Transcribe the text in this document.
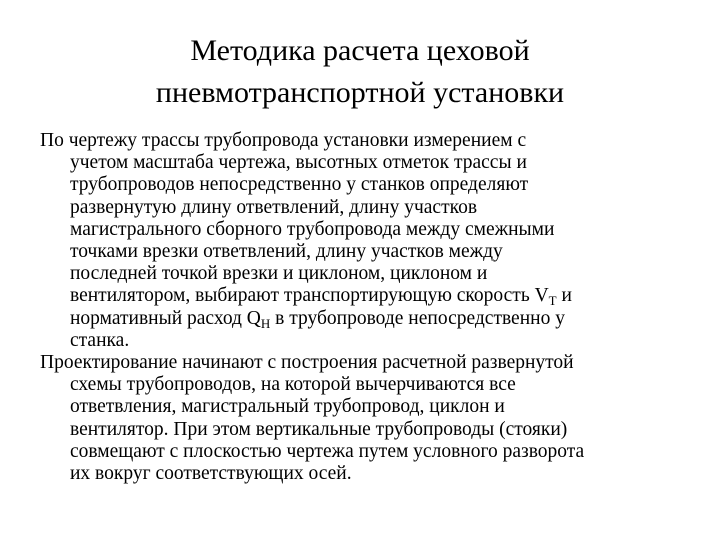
Методика расчета цеховой
пневмотранспортной установки

По чертежу трассы трубопровода установки измерением с
учетом масштаба чертежа, высотных отметок трассы и
трубопроводов непосредственно у станков определяют
развернутую длину ответвлений, длину участков
магистрального сборного трубопровода между смежными
точками врезки ответвлений, длину участков между
последней точкой врезки и циклоном, циклоном и
вентилятором, выбирают транспортирующую скорость $V_T$ и
нормативный расход $Q_H$ в трубопроводе непосредственно у
станка.

Проектирование начинают с построения расчетной развернутой
схемы трубопроводов, на которой вычерчиваются все
ответвления, магистральный трубопровод, циклон и
вентилятор. При этом вертикальные трубопроводы (стояки)
совмещают с плоскостью чертежа путем условного разворота
их вокруг соответствующих осей.
